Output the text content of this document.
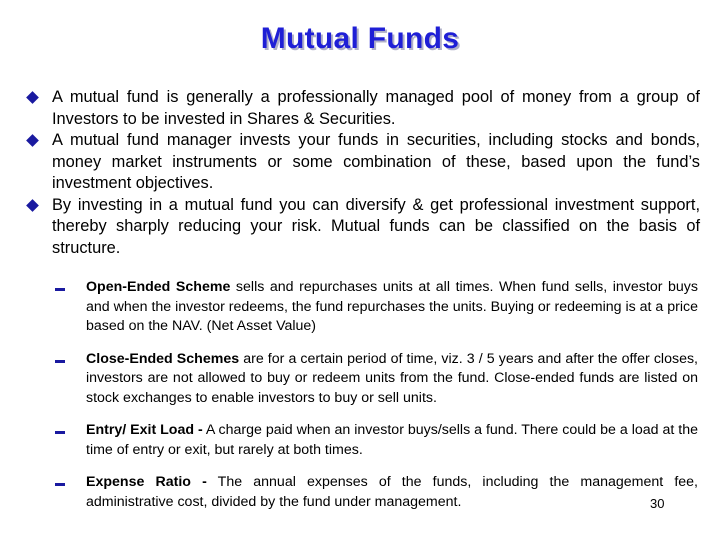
Mutual Funds
A mutual fund is generally a professionally managed pool of money from a group of Investors to be invested in Shares & Securities.
A mutual fund manager invests your funds in securities, including stocks and bonds, money market instruments or some combination of these, based upon the fund’s investment objectives.
By investing in a mutual fund you can diversify & get professional investment support, thereby sharply reducing your risk. Mutual funds can be classified on the basis of structure.
Open-Ended Scheme sells and repurchases units at all times. When fund sells, investor buys and when the investor redeems, the fund repurchases the units. Buying or redeeming is at a price based on the NAV. (Net Asset Value)
Close-Ended Schemes are for a certain period of time, viz. 3 / 5 years and after the offer closes, investors are not allowed to buy or redeem units from the fund. Close-ended funds are listed on stock exchanges to enable investors to buy or sell units.
Entry/ Exit Load - A charge paid when an investor buys/sells a fund. There could be a load at the time of entry or exit, but rarely at both times.
Expense Ratio - The annual expenses of the funds, including the management fee, administrative cost, divided by the fund under management.	30
